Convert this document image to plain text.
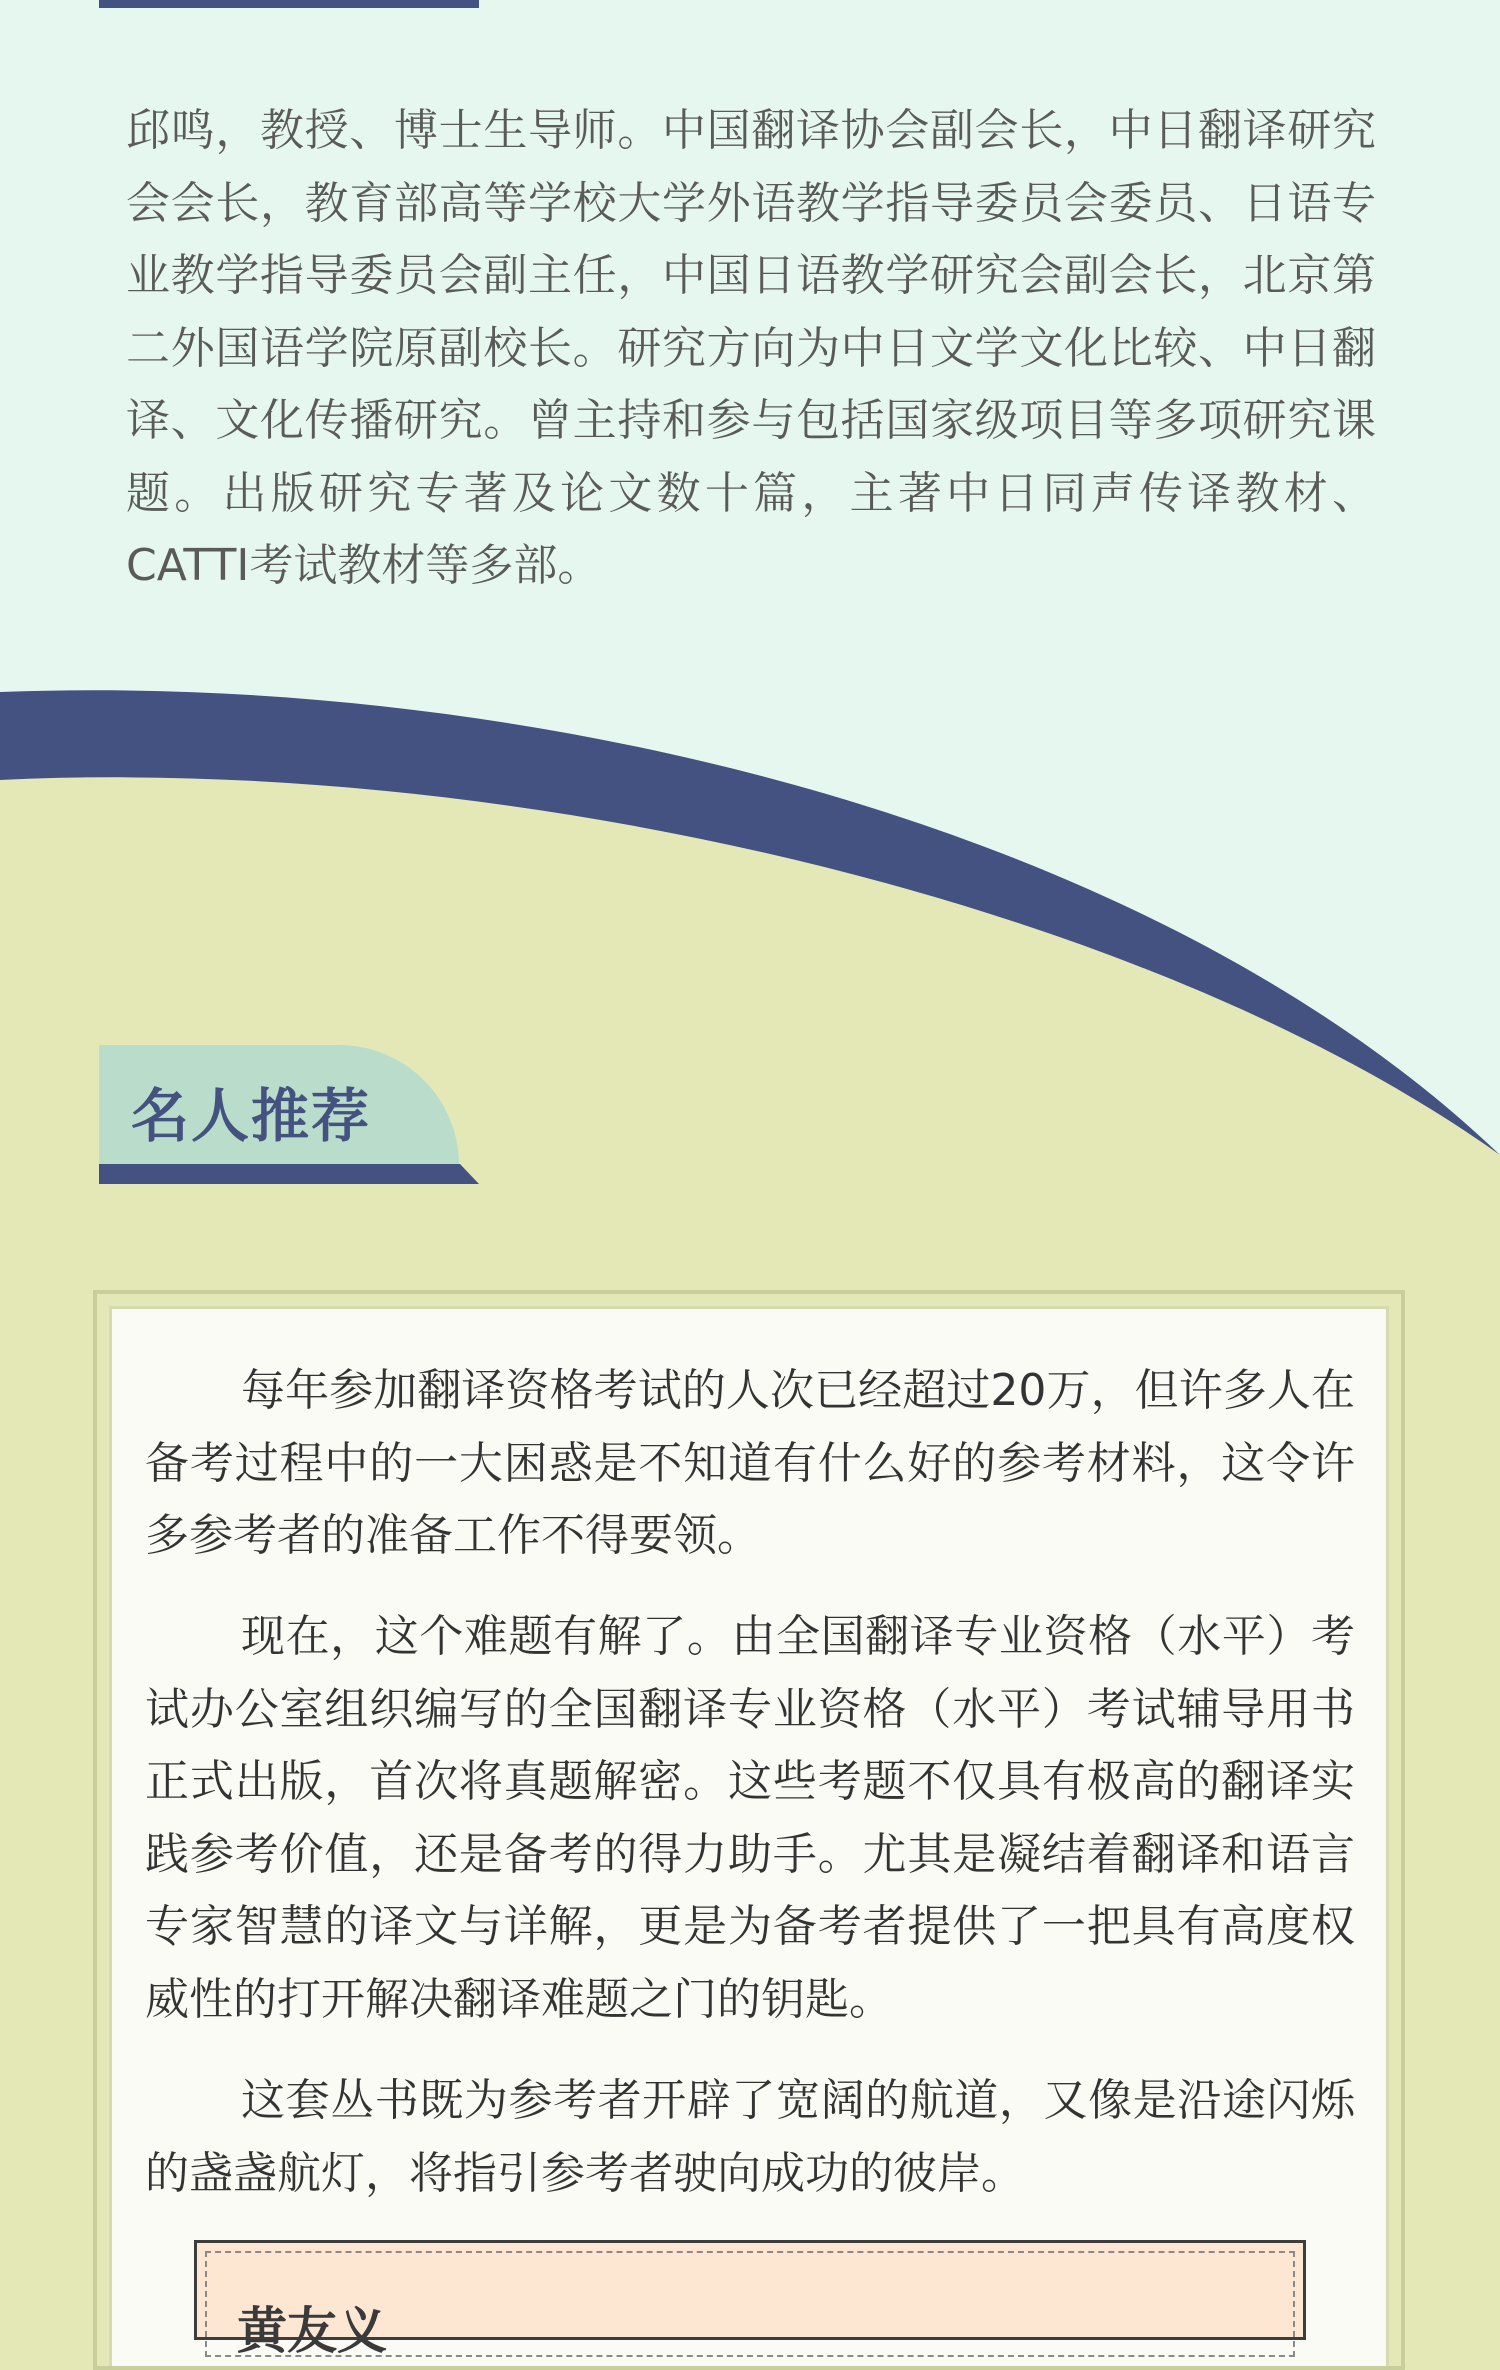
邱鸣，教授、博士生导师。中国翻译协会副会长，中日翻译研究会会长，教育部高等学校大学外语教学指导委员会委员、日语专业教学指导委员会副主任，中国日语教学研究会副会长，北京第二外国语学院原副校长。研究方向为中日文学文化比较、中日翻译、文化传播研究。曾主持和参与包括国家级项目等多项研究课题。出版研究专著及论文数十篇，主著中日同声传译教材、CATTI考试教材等多部。

名人推荐

每年参加翻译资格考试的人次已经超过20万，但许多人在备考过程中的一大困惑是不知道有什么好的参考材料，这令许多参考者的准备工作不得要领。

现在，这个难题有解了。由全国翻译专业资格（水平）考试办公室组织编写的全国翻译专业资格（水平）考试辅导用书正式出版，首次将真题解密。这些考题不仅具有极高的翻译实践参考价值，还是备考的得力助手。尤其是凝结着翻译和语言专家智慧的译文与详解，更是为备考者提供了一把具有高度权威性的打开解决翻译难题之门的钥匙。

这套丛书既为参考者开辟了宽阔的航道，又像是沿途闪烁的盏盏航灯，将指引参考者驶向成功的彼岸。

黄友义
